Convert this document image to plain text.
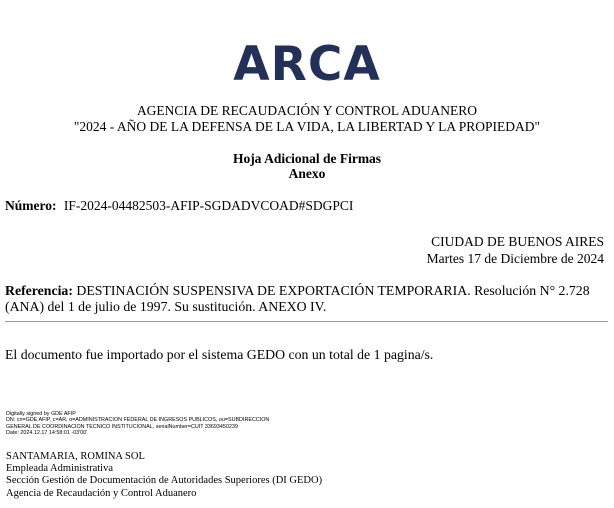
ARCA
AGENCIA DE RECAUDACIÓN Y CONTROL ADUANERO
"2024 - AÑO DE LA DEFENSA DE LA VIDA, LA LIBERTAD Y LA PROPIEDAD"
Hoja Adicional de Firmas
Anexo
Número: IF-2024-04482503-AFIP-SGDADVCOAD#SDGPCI
CIUDAD DE BUENOS AIRES
Martes 17 de Diciembre de 2024
Referencia: DESTINACIÓN SUSPENSIVA DE EXPORTACIÓN TEMPORARIA. Resolución N° 2.728 (ANA) del 1 de julio de 1997. Su sustitución. ANEXO IV.
El documento fue importado por el sistema GEDO con un total de 1 pagina/s.
Digitally signed by GDE AFIP
DN: cn=GDE AFIP, c=AR, o=ADMINISTRACION FEDERAL DE INGRESOS PUBLICOS, ou=SUBDIRECCION
GENERAL DE COORDINACION TECNICO INSTITUCIONAL, serialNumber=CUIT 33693450239
Date: 2024.12.17 14:58:01 -03'00'
SANTAMARIA, ROMINA SOL
Empleada Administrativa
Sección Gestión de Documentación de Autoridades Superiores (DI GEDO)
Agencia de Recaudación y Control Aduanero
